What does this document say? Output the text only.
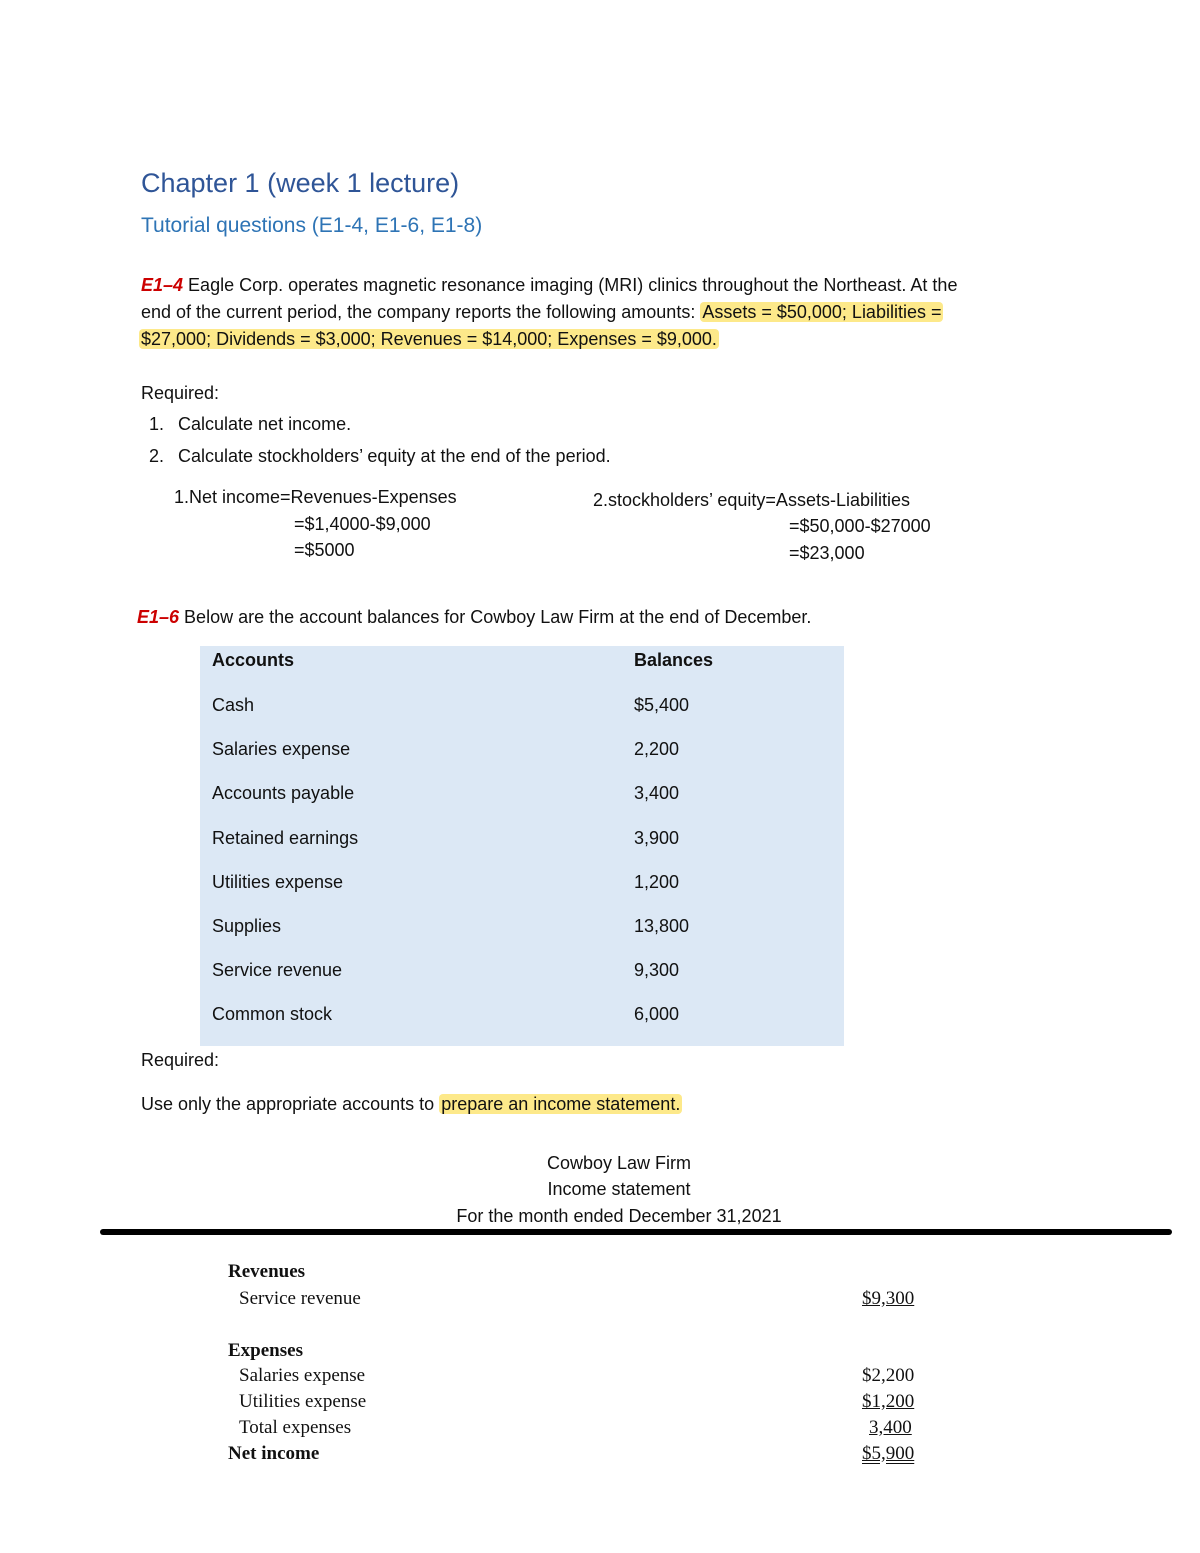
Chapter 1 (week 1 lecture)
Tutorial questions (E1-4, E1-6, E1-8)
E1–4 Eagle Corp. operates magnetic resonance imaging (MRI) clinics throughout the Northeast. At the
end of the current period, the company reports the following amounts: Assets = $50,000; Liabilities =
$27,000; Dividends = $3,000; Revenues = $14,000; Expenses = $9,000.
Required:
1. Calculate net income.
2. Calculate stockholders’ equity at the end of the period.
1.Net income=Revenues-Expenses
=$1,4000-$9,000
=$5000
2.stockholders’ equity=Assets-Liabilities
=$50,000-$27000
=$23,000
E1–6 Below are the account balances for Cowboy Law Firm at the end of December.
Accounts	Balances
Cash	$5,400
Salaries expense	2,200
Accounts payable	3,400
Retained earnings	3,900
Utilities expense	1,200
Supplies	13,800
Service revenue	9,300
Common stock	6,000
Required:
Use only the appropriate accounts to prepare an income statement.
Cowboy Law Firm
Income statement
For the month ended December 31,2021
Revenues
Service revenue	$9,300
Expenses
Salaries expense	$2,200
Utilities expense	$1,200
Total expenses	3,400
Net income	$5,900
